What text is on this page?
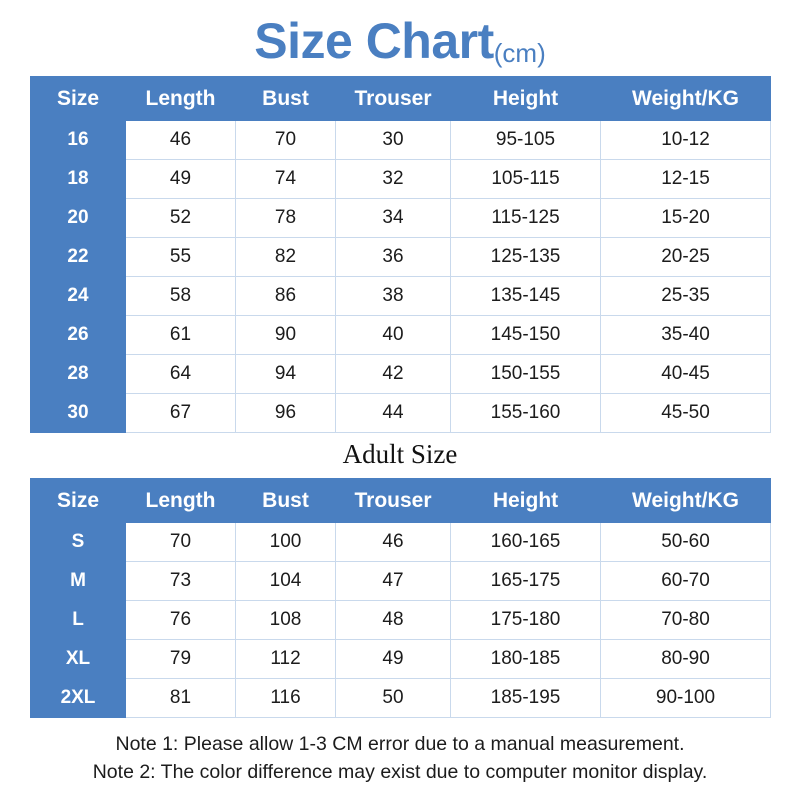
Size Chart(cm)
Size	Length	Bust	Trouser	Height	Weight/KG
16	46	70	30	95-105	10-12
18	49	74	32	105-115	12-15
20	52	78	34	115-125	15-20
22	55	82	36	125-135	20-25
24	58	86	38	135-145	25-35
26	61	90	40	145-150	35-40
28	64	94	42	150-155	40-45
30	67	96	44	155-160	45-50
Adult Size
Size	Length	Bust	Trouser	Height	Weight/KG
S	70	100	46	160-165	50-60
M	73	104	47	165-175	60-70
L	76	108	48	175-180	70-80
XL	79	112	49	180-185	80-90
2XL	81	116	50	185-195	90-100
Note 1: Please allow 1-3 CM error due to a manual measurement.
Note 2: The color difference may exist due to computer monitor display.
